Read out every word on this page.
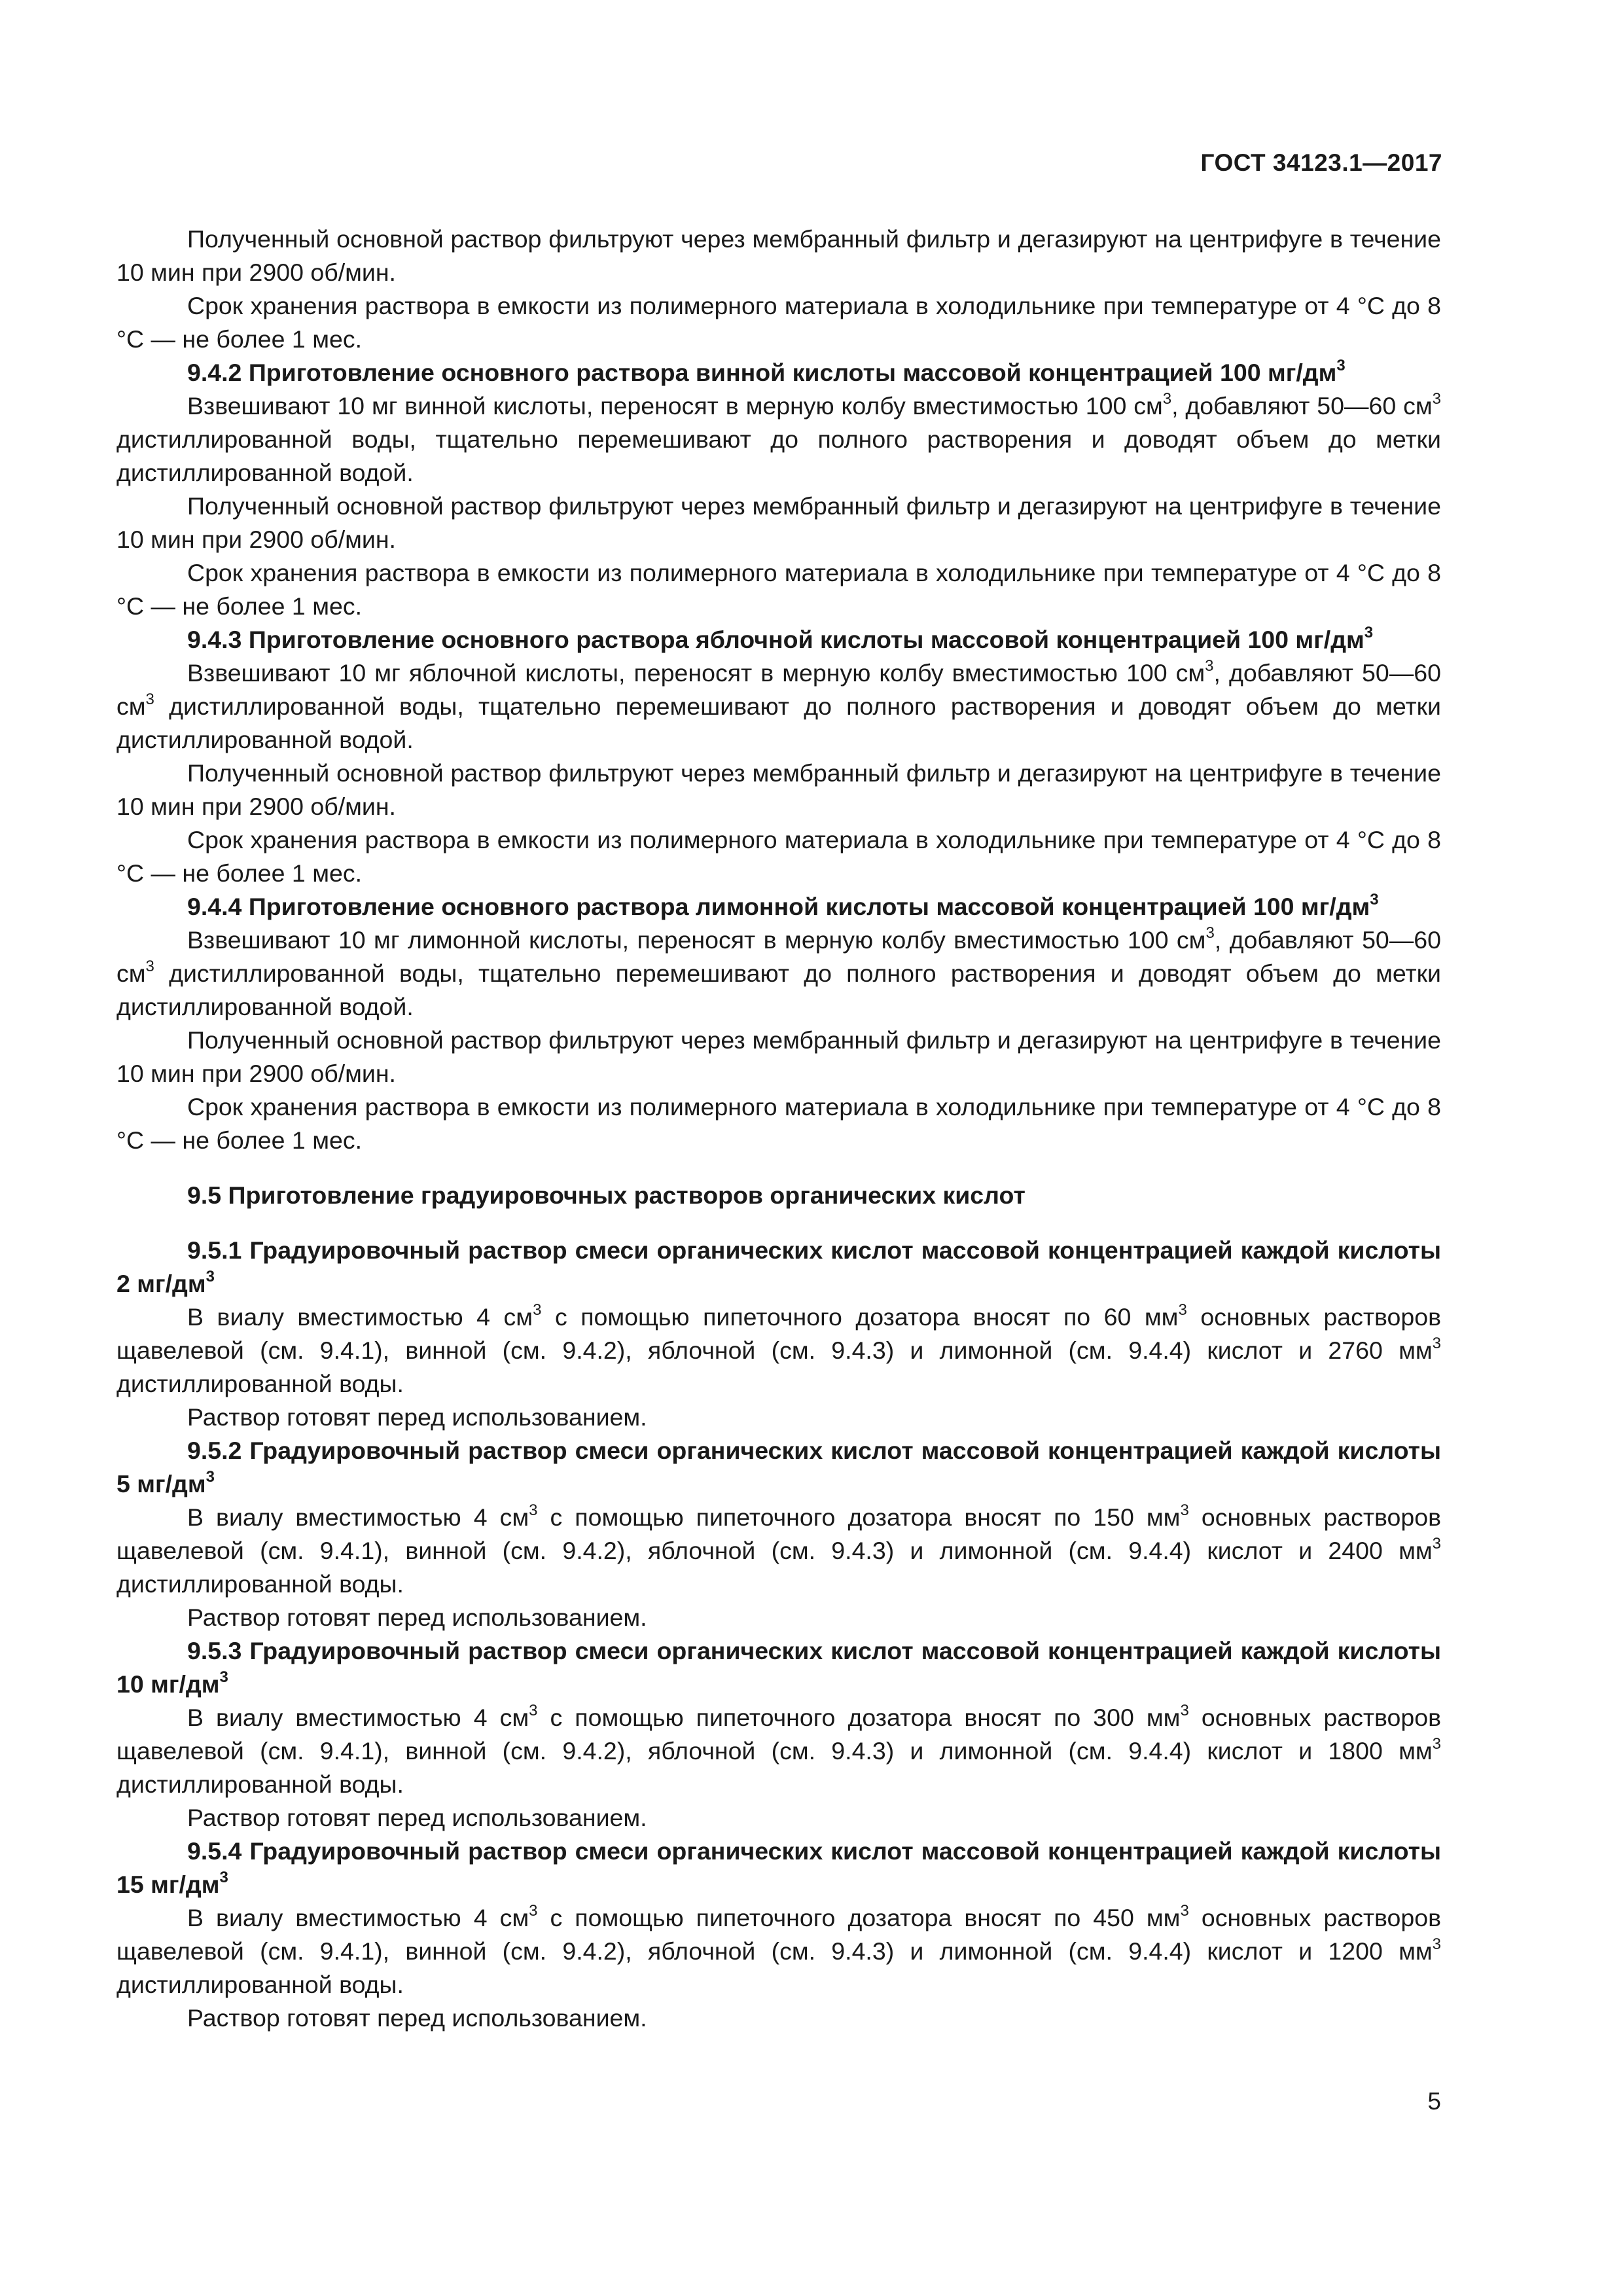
ГОСТ 34123.1—2017

Полученный основной раствор фильтруют через мембранный фильтр и дегазируют на центрифуге в течение 10 мин при 2900 об/мин.

Срок хранения раствора в емкости из полимерного материала в холодильнике при температуре от 4 °С до 8 °С — не более 1 мес.

9.4.2 Приготовление основного раствора винной кислоты массовой концентрацией 100 $мг/дм^3$

Взвешивают 10 мг винной кислоты, переносят в мерную колбу вместимостью 100 $см^3$, добавляют 50—60 $см^3$ дистиллированной воды, тщательно перемешивают до полного растворения и доводят объем до метки дистиллированной водой.

Полученный основной раствор фильтруют через мембранный фильтр и дегазируют на центрифуге в течение 10 мин при 2900 об/мин.

Срок хранения раствора в емкости из полимерного материала в холодильнике при температуре от 4 °С до 8 °С — не более 1 мес.

9.4.3 Приготовление основного раствора яблочной кислоты массовой концентрацией 100 $мг/дм^3$

Взвешивают 10 мг яблочной кислоты, переносят в мерную колбу вместимостью 100 $см^3$, добавляют 50—60 $см^3$ дистиллированной воды, тщательно перемешивают до полного растворения и доводят объем до метки дистиллированной водой.

Полученный основной раствор фильтруют через мембранный фильтр и дегазируют на центрифуге в течение 10 мин при 2900 об/мин.

Срок хранения раствора в емкости из полимерного материала в холодильнике при температуре от 4 °С до 8 °С — не более 1 мес.

9.4.4 Приготовление основного раствора лимонной кислоты массовой концентрацией 100 $мг/дм^3$

Взвешивают 10 мг лимонной кислоты, переносят в мерную колбу вместимостью 100 $см^3$, добавляют 50—60 $см^3$ дистиллированной воды, тщательно перемешивают до полного растворения и доводят объем до метки дистиллированной водой.

Полученный основной раствор фильтруют через мембранный фильтр и дегазируют на центрифуге в течение 10 мин при 2900 об/мин.

Срок хранения раствора в емкости из полимерного материала в холодильнике при температуре от 4 °С до 8 °С — не более 1 мес.

9.5 Приготовление градуировочных растворов органических кислот

9.5.1 Градуировочный раствор смеси органических кислот массовой концентрацией каждой кислоты 2 $мг/дм^3$

В виалу вместимостью 4 $см^3$ с помощью пипеточного дозатора вносят по 60 $мм^3$ основных растворов щавелевой (см. 9.4.1), винной (см. 9.4.2), яблочной (см. 9.4.3) и лимонной (см. 9.4.4) кислот и 2760 $мм^3$ дистиллированной воды.

Раствор готовят перед использованием.

9.5.2 Градуировочный раствор смеси органических кислот массовой концентрацией каждой кислоты 5 $мг/дм^3$

В виалу вместимостью 4 $см^3$ с помощью пипеточного дозатора вносят по 150 $мм^3$ основных растворов щавелевой (см. 9.4.1), винной (см. 9.4.2), яблочной (см. 9.4.3) и лимонной (см. 9.4.4) кислот и 2400 $мм^3$ дистиллированной воды.

Раствор готовят перед использованием.

9.5.3 Градуировочный раствор смеси органических кислот массовой концентрацией каждой кислоты 10 $мг/дм^3$

В виалу вместимостью 4 $см^3$ с помощью пипеточного дозатора вносят по 300 $мм^3$ основных растворов щавелевой (см. 9.4.1), винной (см. 9.4.2), яблочной (см. 9.4.3) и лимонной (см. 9.4.4) кислот и 1800 $мм^3$ дистиллированной воды.

Раствор готовят перед использованием.

9.5.4 Градуировочный раствор смеси органических кислот массовой концентрацией каждой кислоты 15 $мг/дм^3$

В виалу вместимостью 4 $см^3$ с помощью пипеточного дозатора вносят по 450 $мм^3$ основных растворов щавелевой (см. 9.4.1), винной (см. 9.4.2), яблочной (см. 9.4.3) и лимонной (см. 9.4.4) кислот и 1200 $мм^3$ дистиллированной воды.

Раствор готовят перед использованием.

5
